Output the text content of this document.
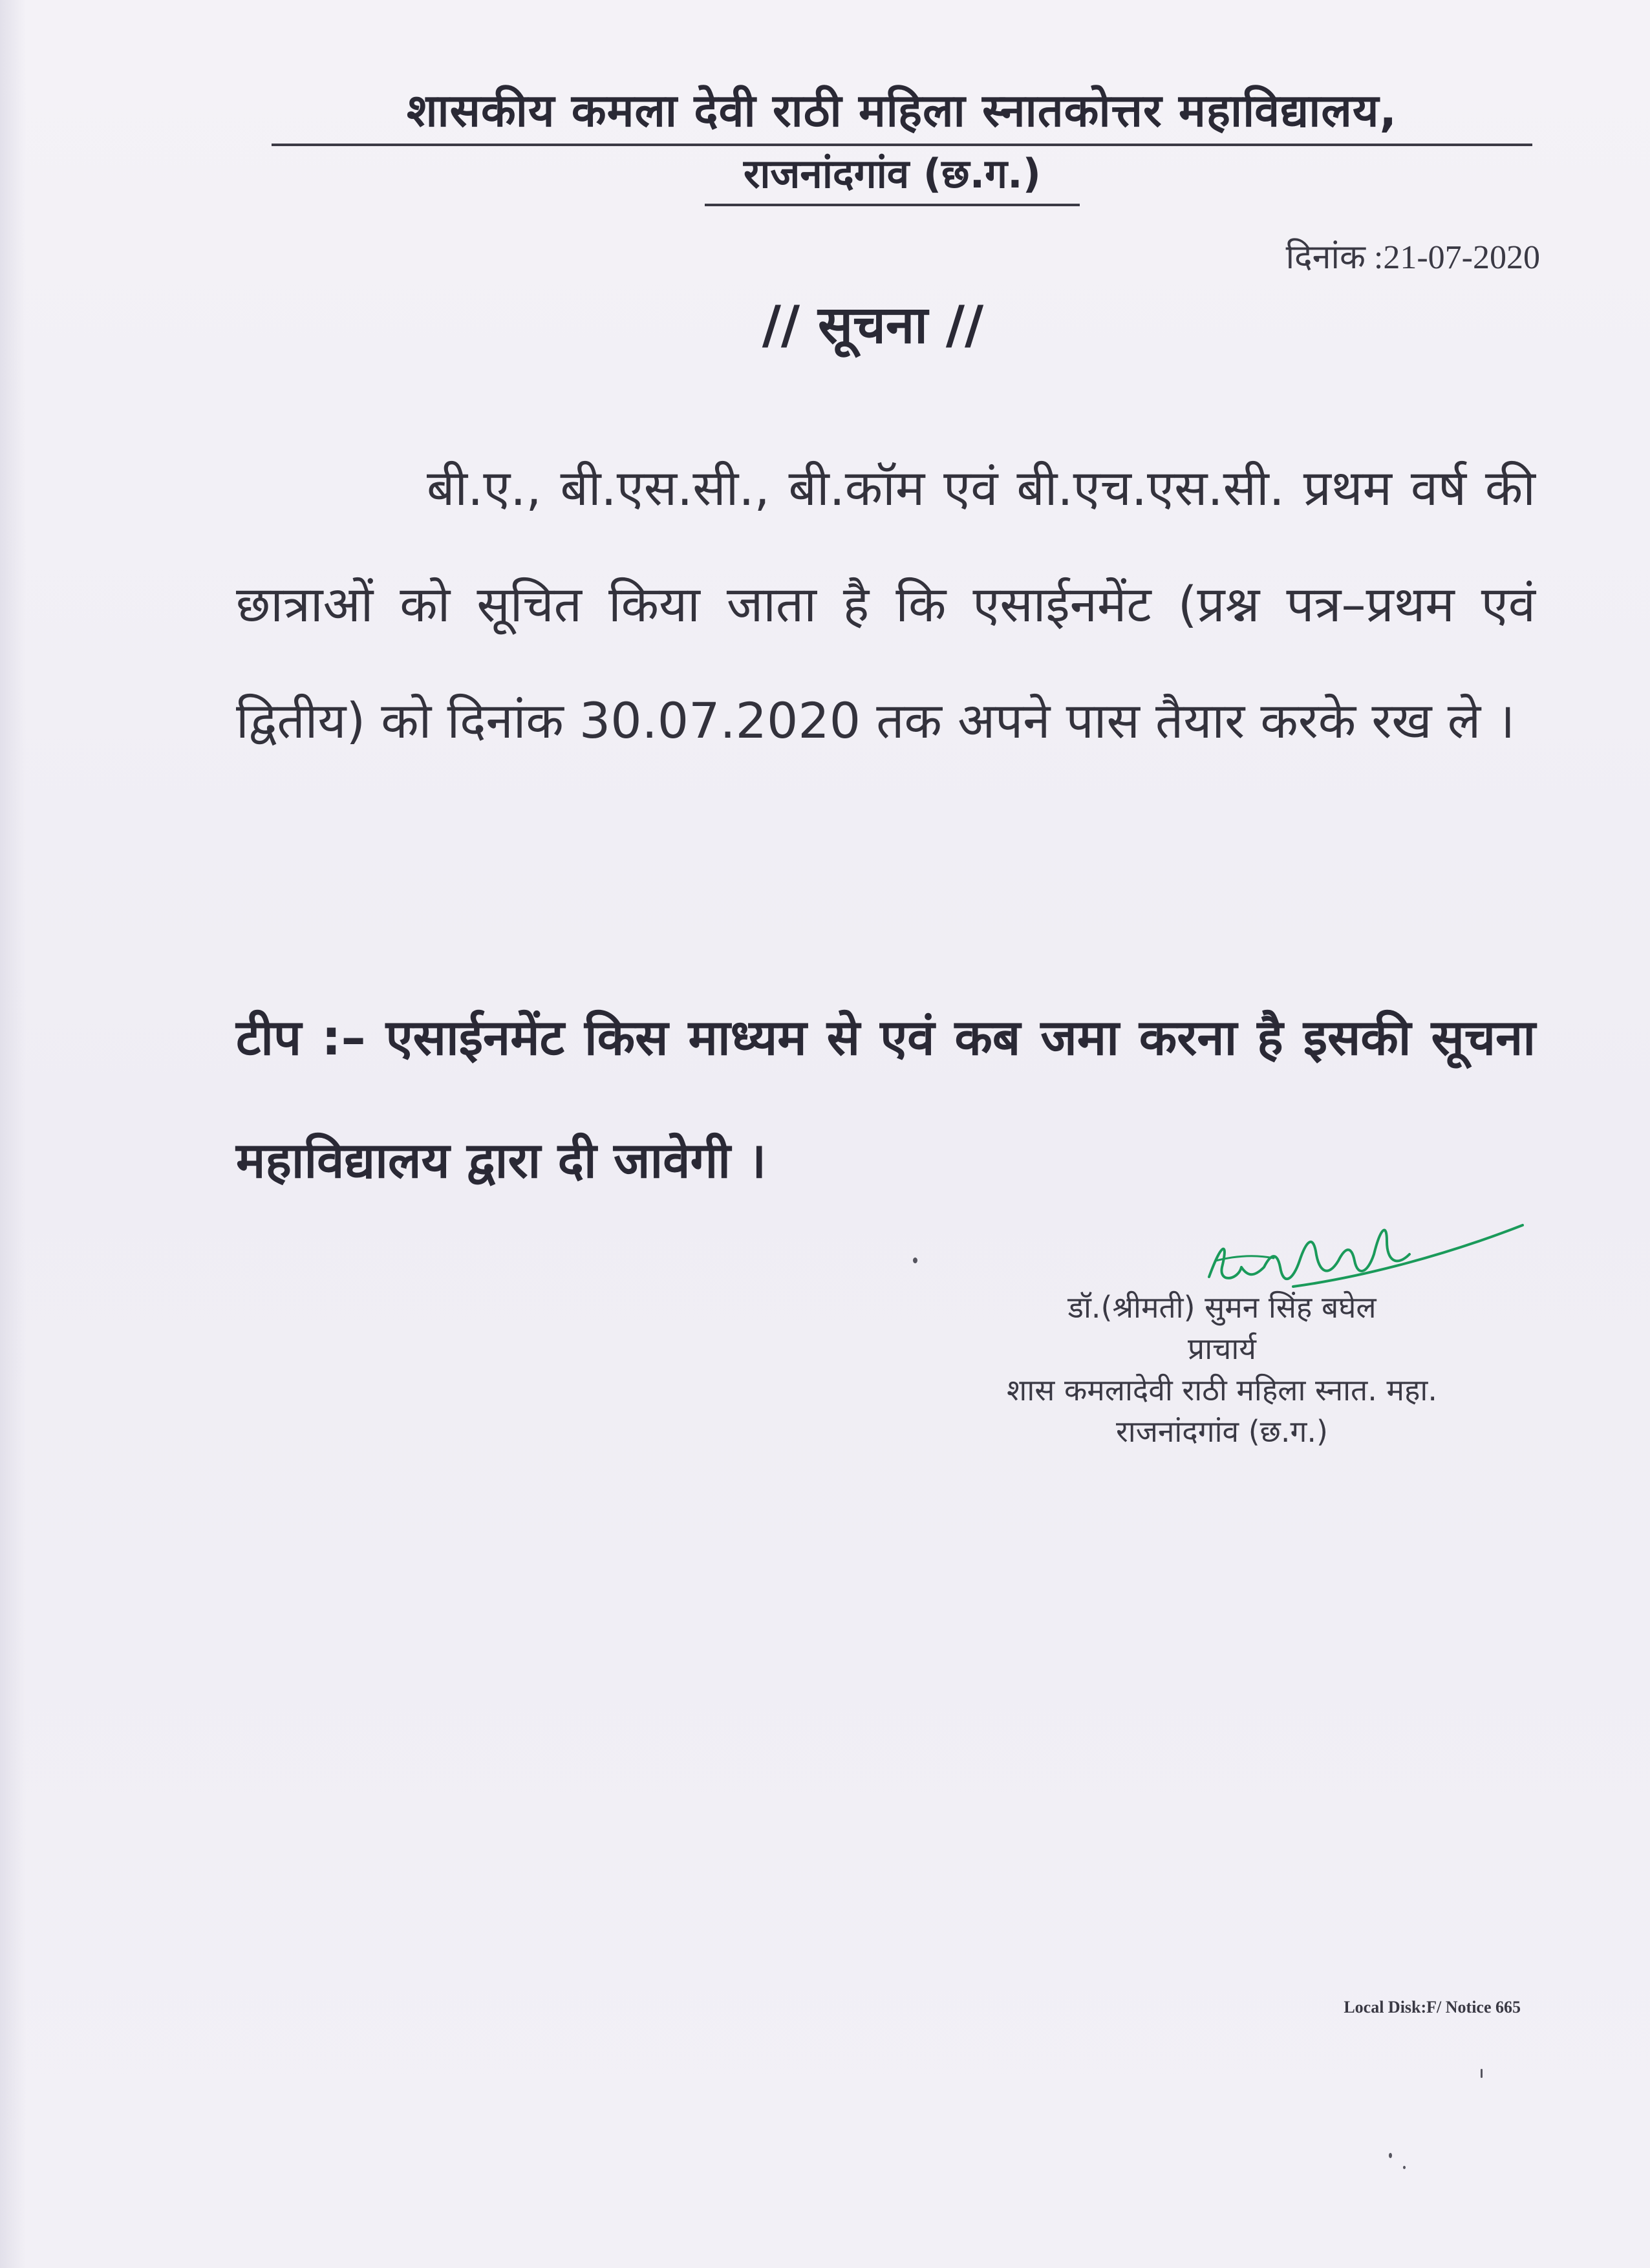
शासकीय कमला देवी राठी महिला स्नातकोत्तर महाविद्यालय,
राजनांदगांव (छ.ग.)
दिनांक :21-07-2020
// सूचना //
बी.ए., बी.एस.सी., बी.कॉम एवं बी.एच.एस.सी. प्रथम वर्ष की छात्राओं को सूचित किया जाता है कि एसाईनमेंट (प्रश्न पत्र–प्रथम एवं द्वितीय) को दिनांक 30.07.2020 तक अपने पास तैयार करके रख ले ।
टीप :– एसाईनमेंट किस माध्यम से एवं कब जमा करना है इसकी सूचना महाविद्यालय द्वारा दी जावेगी ।
डॉ.(श्रीमती) सुमन सिंह बघेल
प्राचार्य
शास कमलादेवी राठी महिला स्नात. महा.
राजनांदगांव (छ.ग.)
Local Disk:F/ Notice 665
